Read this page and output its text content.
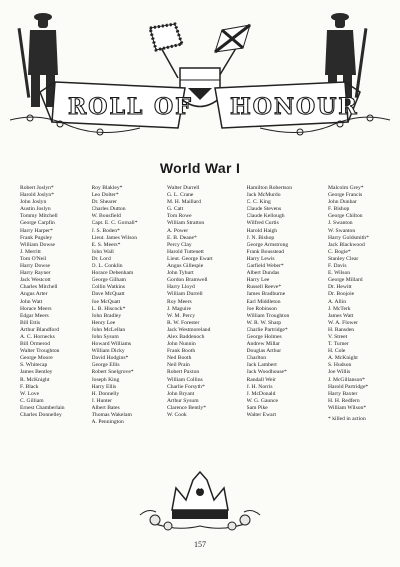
ROLL OF HONOUR
World War I
Robert Joslyn*
Harold Joslyn*
John Joslyn
Austin Joslyn
Tommy Mitchell
George Carpfin
Harry Harper*
Frank Pugsley
William Dowse
J. Merritt
Tom O'Neil
Harry Dowse
Harry Rayner
Jack Westcott
Charles Mitchell
Angus Arter
John Watt
Horace Meers
Edgar Meers
Bill Ettis
Arthur Blandford
A. C. Hornecks
Bill Ormerod
Walter Troughton
George Moore
S. Whitecap
James Bentley
R. McKnight
F. Black
W. Love
C. Gilliam
Ernest Chamberlain
Charles Donnelley
Roy Blakley*
Leo Dolter*
Dr. Shearer
Charles Dutton
W. Bousfield
Capt. E. C. Gornall*
J. S. Boden*
Lieut. James Wilson
E. S. Meers*
John Wall
Dr. Lord
O. L. Conklin
Horace Debenham
George Gilham
Collin Watkins
Dave McQuatt
Joe McQuatt
L. B. Hiscock*
John Bradley
Henry Lee
John McLellan
John Sysum
Howard Williams
William Dicky
David Hodgins*
George Ellis
Robert Snelgrove*
Joseph King
Harry Ellis
H. Donnelly
J. Hunter
Albert Bates
Thomas Wakelam
A. Pennington
Walter Durrell
G. L. Crane
M. H. Maillard
G. Catt
Tom Rowe
William Stratton
A. Power
E. B. Deane*
Percy Clay
Harold Tuttenett
Lieut. George Ewart
Angus Gillespie
John Tyhurt
Gordon Bramwell
Harry Lloyd
William Durrell
Roy Meers
J. Maguire
W. M. Percy
R. W. Forester
Jack Westmoreland
Alex Baddenoch
John Nunnin
Frank Booth
Ned Booth
Neil Prain
Robert Paxton
William Collins
Charlie Forsyth*
John Bryant
Arthur Sysum
Clarence Bently*
W. Cook
Hamilton Robertson
Jack McMurdo
C. C. King
Claude Stevens
Claude Kellough
Wilfred Curtis
Harold Haigh
J. N. Bishop
George Armstrong
Frank Bousstead
Harry Lewis
Garfield Weber*
Albert Dundas
Harry Lee
Russell Reeve*
James Bradburne
Earl Middleton
Joe Robinson
William Troughton
W. R. W. Sharp
Charlie Partridge*
George Holmes
Andrew Millar
Douglas Arthur
Charlton
Jack Lambert
Jack Woodhouse*
Randall Weir
J. H. Norris
J. McDonald
W. G. Gaunce
Sam Pike
Walter Ewart
Malcolm Grey*
George Francis
John Dunbar
F. Bishop
George Chilton
J. Swanton
W. Swanton
Harry Goldsmith*
Jack Blackwood
C. Bogie*
Stanley Clear
F. Davis
E. Wilson
George Millard
Dr. Hewitt
Dr. Boojoie
A. Allin
J. McTerk
James Watt
W. A. Flower
H. Ransden
V. Street
T. Turner
H. Cole
A. McKnight
S. Hudson
Joe Willis
J. McGillanson*
Harold Partridge*
Harry Baxter
H. H. Redfern
William Wilson*
* killed in action
157
